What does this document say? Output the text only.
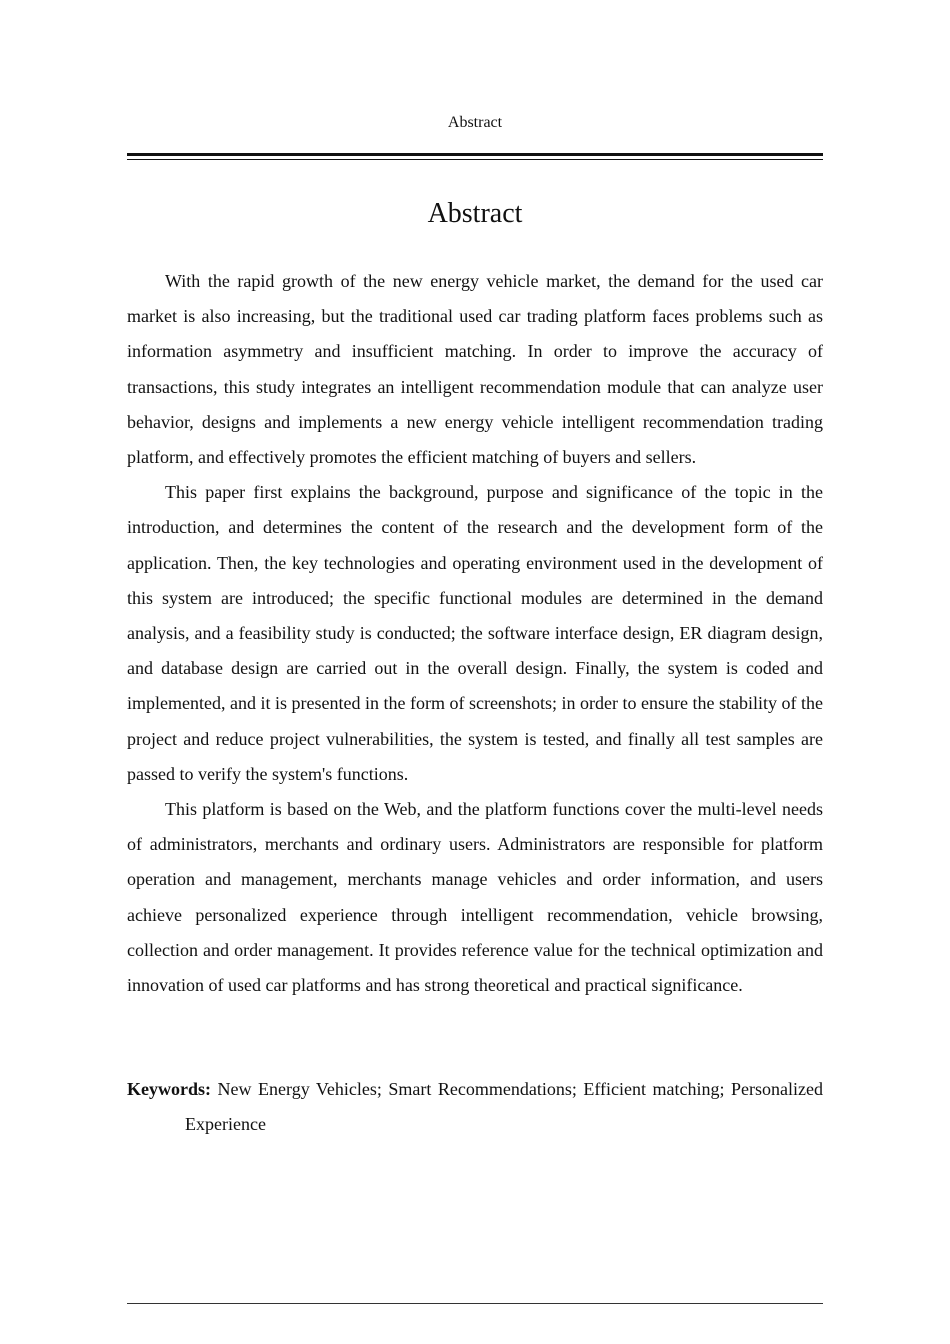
Abstract
Abstract

With the rapid growth of the new energy vehicle market, the demand for the used car market is also increasing, but the traditional used car trading platform faces problems such as information asymmetry and insufficient matching. In order to improve the accuracy of transactions, this study integrates an intelligent recommendation module that can analyze user behavior, designs and implements a new energy vehicle intelligent recommendation trading platform, and effectively promotes the efficient matching of buyers and sellers.

This paper first explains the background, purpose and significance of the topic in the introduction, and determines the content of the research and the development form of the application. Then, the key technologies and operating environment used in the development of this system are introduced; the specific functional modules are determined in the demand analysis, and a feasibility study is conducted; the software interface design, ER diagram design, and database design are carried out in the overall design. Finally, the system is coded and implemented, and it is presented in the form of screenshots; in order to ensure the stability of the project and reduce project vulnerabilities, the system is tested, and finally all test samples are passed to verify the system's functions.

This platform is based on the Web, and the platform functions cover the multi-level needs of administrators, merchants and ordinary users. Administrators are responsible for platform operation and management, merchants manage vehicles and order information, and users achieve personalized experience through intelligent recommendation, vehicle browsing, collection and order management. It provides reference value for the technical optimization and innovation of used car platforms and has strong theoretical and practical significance.

Keywords: New Energy Vehicles; Smart Recommendations; Efficient matching; Personalized Experience
